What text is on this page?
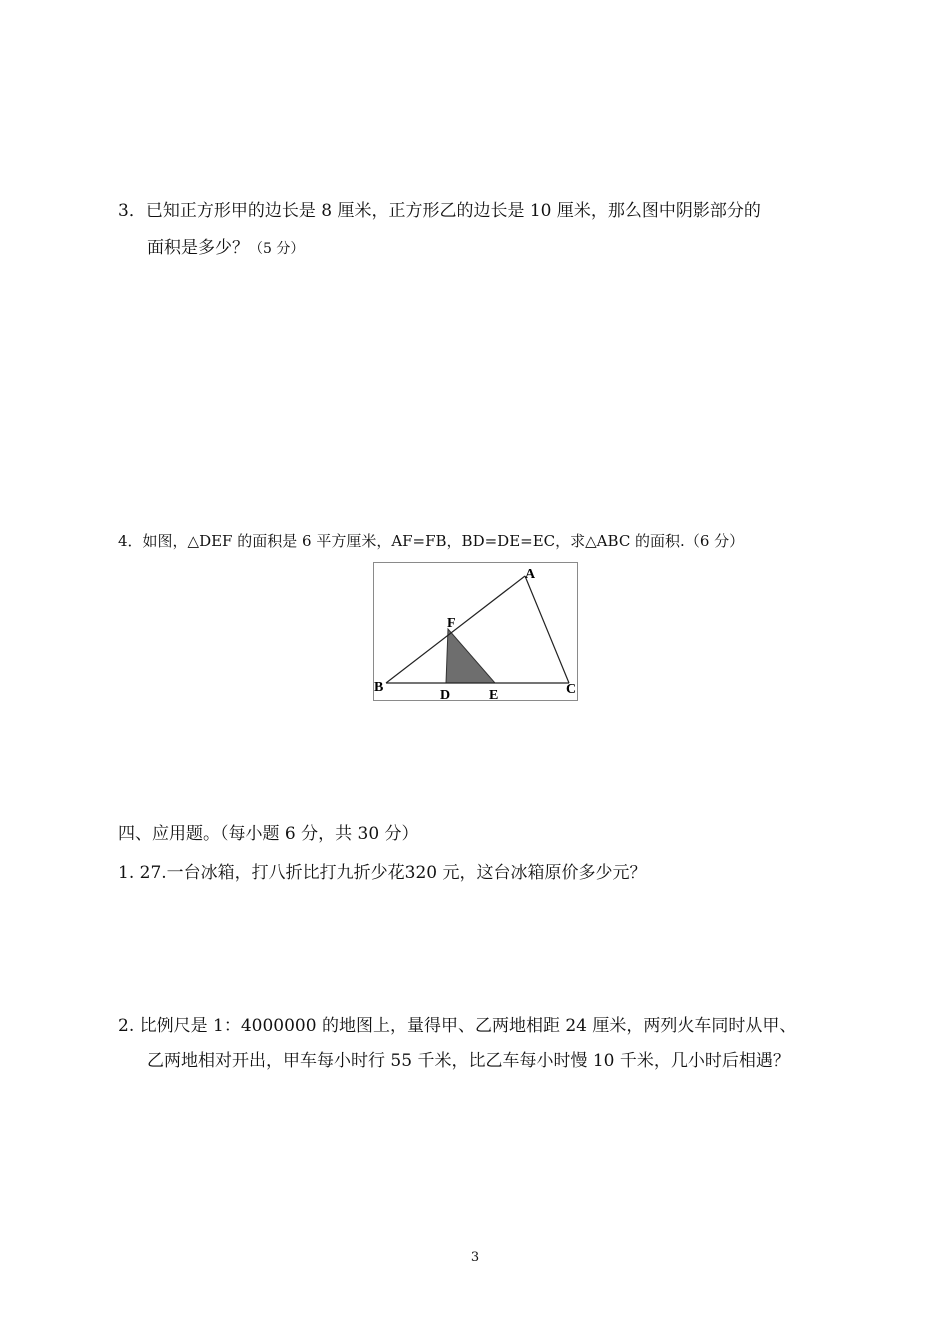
3．已知正方形甲的边长是 8 厘米，正方形乙的边长是 10 厘米，那么图中阴影部分的
面积是多少？（5 分）
4．如图，△DEF 的面积是 6 平方厘米，AF=FB，BD=DE=EC，求△ABC 的面积.（6 分）
A
B	C
D	E
F
四、应用题。（每小题 6 分，共 30 分）
1. 27.一台冰箱，打八折比打九折少花320 元，这台冰箱原价多少元？
2. 比例尺是 1：4000000 的地图上，量得甲、乙两地相距 24 厘米，两列火车同时从甲、
乙两地相对开出，甲车每小时行 55 千米，比乙车每小时慢 10 千米，几小时后相遇？
3
